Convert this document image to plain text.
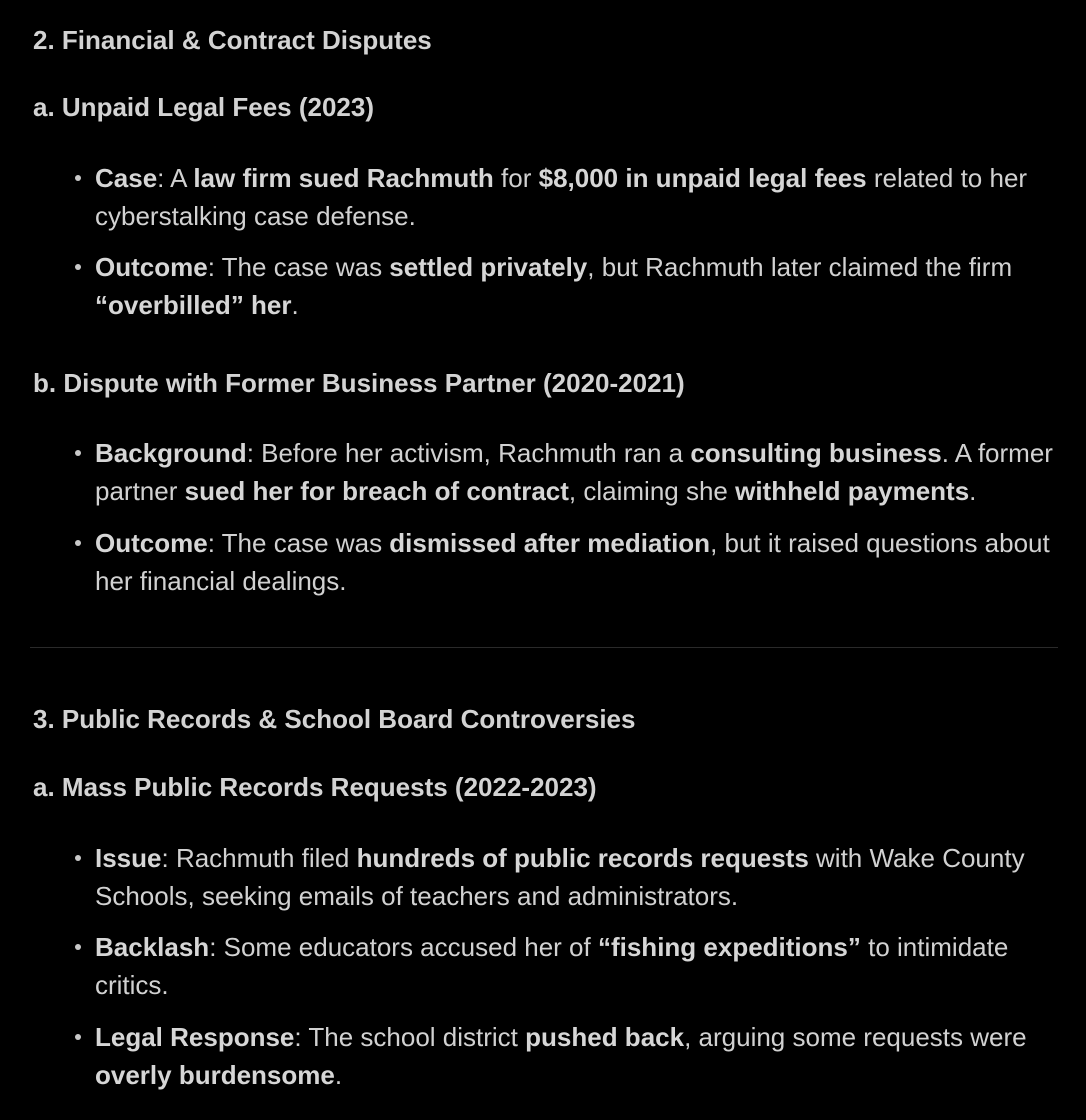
2. Financial & Contract Disputes
a. Unpaid Legal Fees (2023)
Case: A law firm sued Rachmuth for $8,000 in unpaid legal fees related to her cyberstalking case defense.
Outcome: The case was settled privately, but Rachmuth later claimed the firm “overbilled” her.
b. Dispute with Former Business Partner (2020-2021)
Background: Before her activism, Rachmuth ran a consulting business. A former partner sued her for breach of contract, claiming she withheld payments.
Outcome: The case was dismissed after mediation, but it raised questions about her financial dealings.
3. Public Records & School Board Controversies
a. Mass Public Records Requests (2022-2023)
Issue: Rachmuth filed hundreds of public records requests with Wake County Schools, seeking emails of teachers and administrators.
Backlash: Some educators accused her of “fishing expeditions” to intimidate critics.
Legal Response: The school district pushed back, arguing some requests were overly burdensome.
